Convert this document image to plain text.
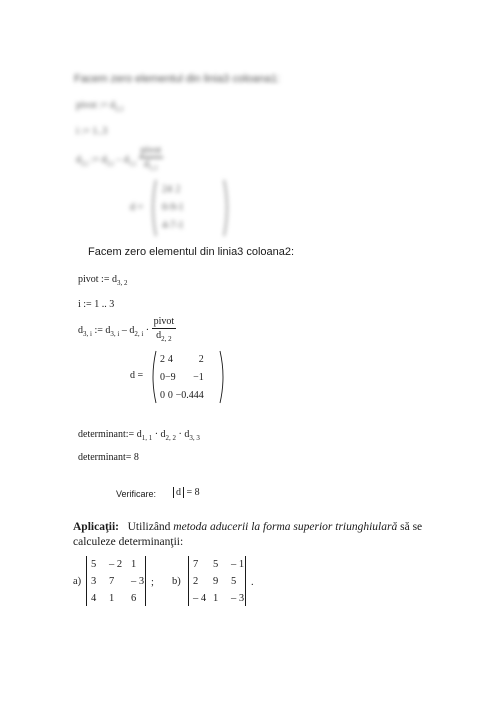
Facem zero elementul din linia3 coloana1:
pivot := $d_{2,1}$
i := 1..3
$d_{2,i}$ := $d_{2,i} - d_{1,i} \frac{\text{pivot}}{d_{1,1}}$
d =
2	4	2
0	-9	-1
4	-7	-1
Facem zero elementul din linia3 coloana2:
pivot := $d_{3, 2}$
i := 1 .. 3
$d_{3, i}$ := $d_{3, i} - d_{2, i} \cdot \frac{\text{pivot}}{d_{2, 2}}$
d =
2	4	2
0	−9	−1
0	0	−0.444
determinant:= $d_{1, 1} \cdot d_{2, 2} \cdot d_{3, 3}$
determinant= 8
Verificare:	d = 8
Aplicaţii: Utilizând metoda aducerii la forma superior triunghiulară să se
calculeze determinanţii:
a)
5	– 2	1
3	7	– 3
4	1	6
; b)
7	5	– 1
2	9	5
– 4	1	– 3
.
